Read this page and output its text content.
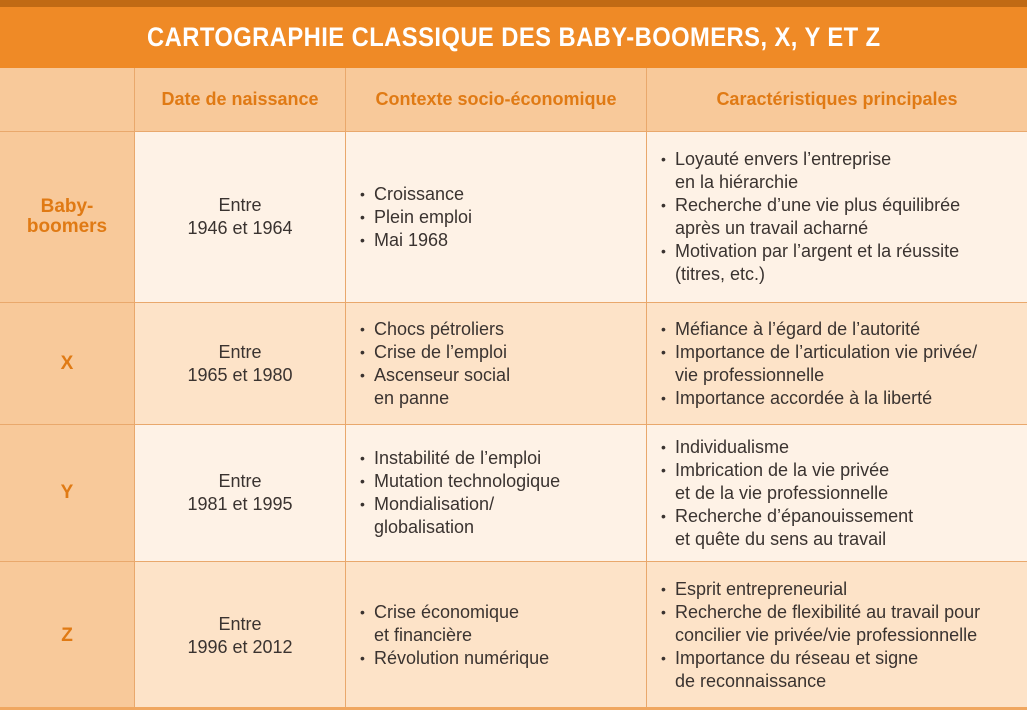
CARTOGRAPHIE CLASSIQUE DES BABY-BOOMERS, X, Y ET Z
Date de naissance	Contexte socio-économique	Caractéristiques principales
Baby-
boomers
Entre
1946 et 1964
• Croissance
• Plein emploi
• Mai 1968
• Loyauté envers l’entreprise
en la hiérarchie
• Recherche d’une vie plus équilibrée
après un travail acharné
• Motivation par l’argent et la réussite
(titres, etc.)
X
Entre
1965 et 1980
• Chocs pétroliers
• Crise de l’emploi
• Ascenseur social
en panne
• Méfiance à l’égard de l’autorité
• Importance de l’articulation vie privée/
vie professionnelle
• Importance accordée à la liberté
Y
Entre
1981 et 1995
• Instabilité de l’emploi
• Mutation technologique
• Mondialisation/
globalisation
• Individualisme
• Imbrication de la vie privée
et de la vie professionnelle
• Recherche d’épanouissement
et quête du sens au travail
Z
Entre
1996 et 2012
• Crise économique
et financière
• Révolution numérique
• Esprit entrepreneurial
• Recherche de flexibilité au travail pour
concilier vie privée/vie professionnelle
• Importance du réseau et signe
de reconnaissance
